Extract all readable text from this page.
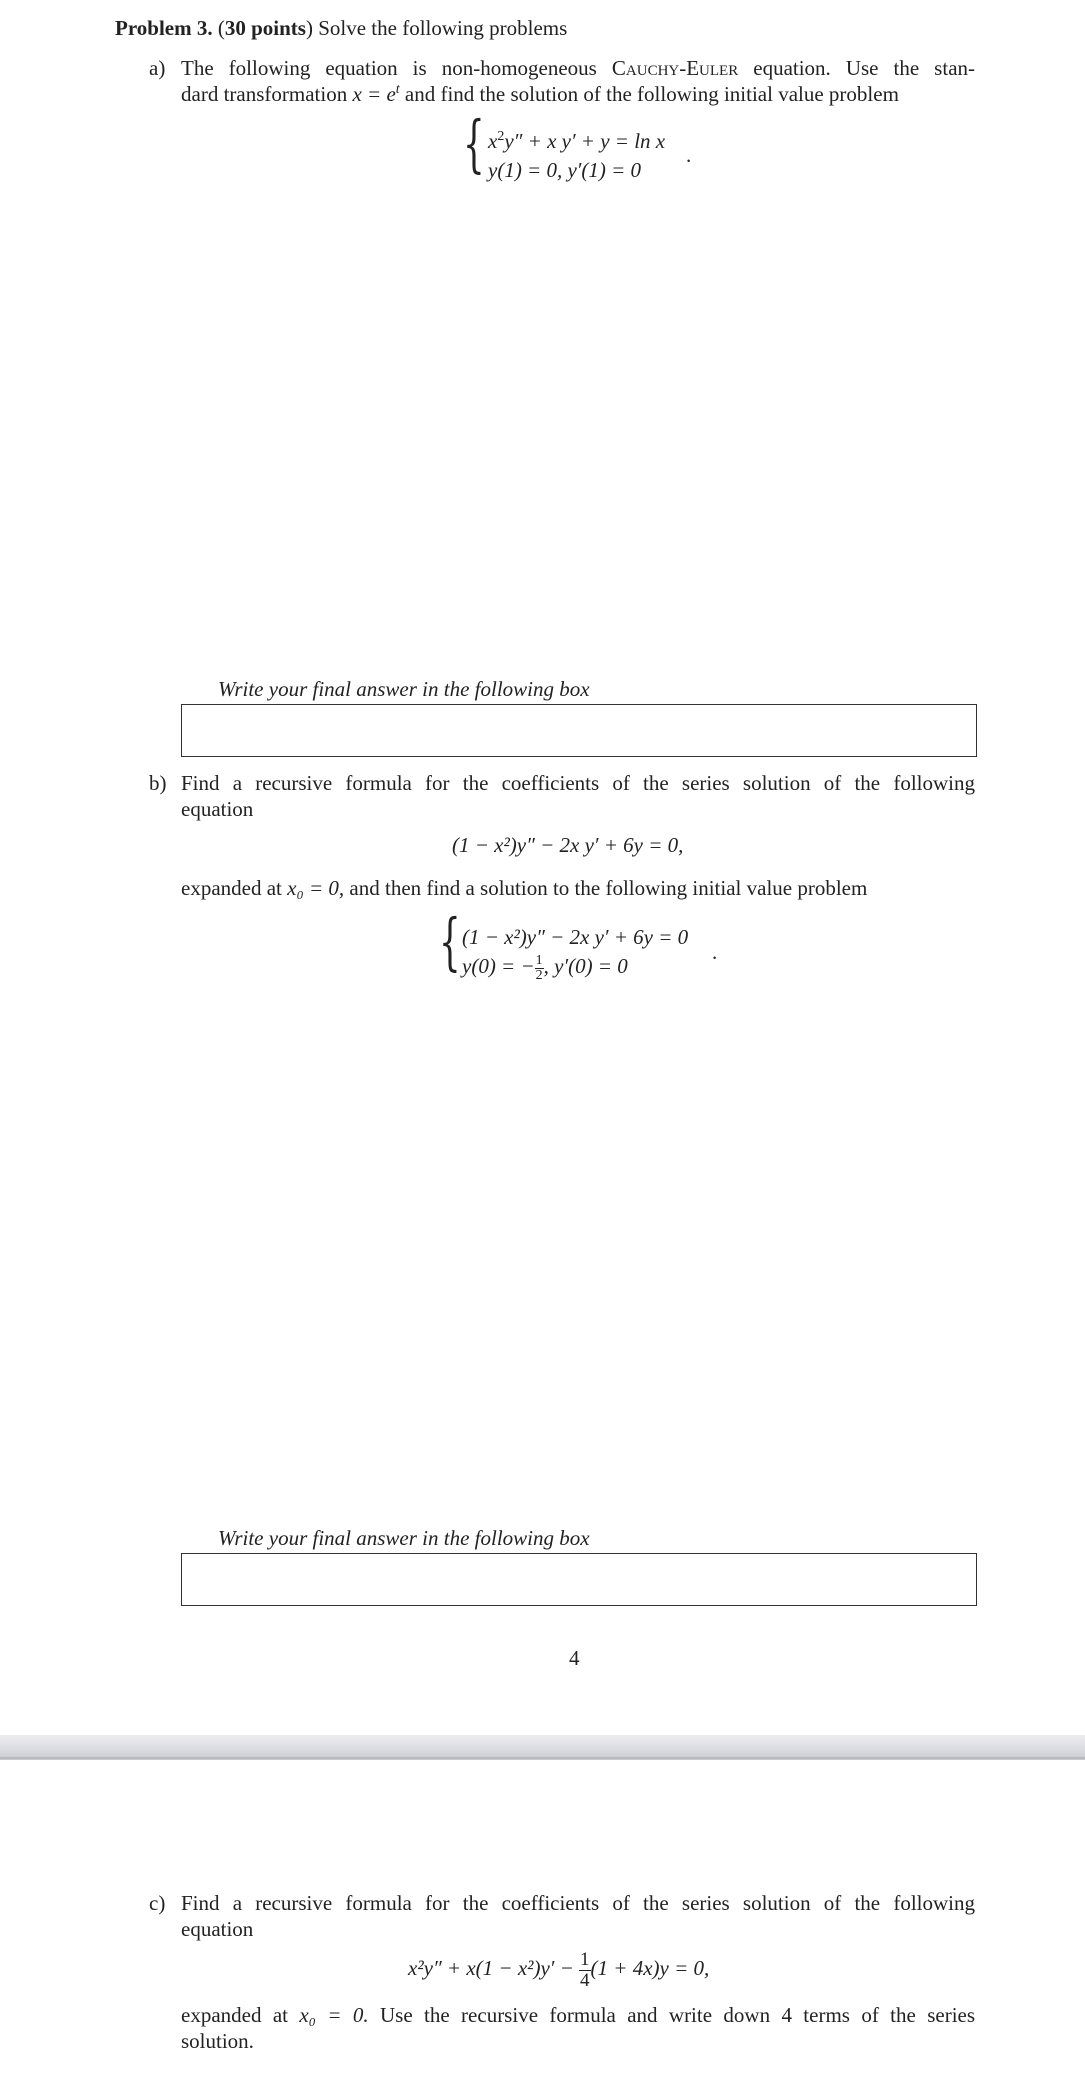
Problem 3. (30 points) Solve the following problems
a) The following equation is non-homogeneous Cauchy-Euler equation. Use the stan-
dard transformation $x = e^t$ and find the solution of the following initial value problem
{ $x^2y'' + x$ y′ + y = ln x
y(1) = 0, y′(1) = 0
.
Write your final answer in the following box
b) Find a recursive formula for the coefficients of the series solution of the following
equation
(1 − x²)y″ − 2x y′ + 6y = 0,
expanded at x₀ = 0, and then find a solution to the following initial value problem
{ (1 − x²)y″ − 2x y′ + 6y = 0
y(0) = − $\frac{1}{2}$ , y′(0) = 0
.
Write your final answer in the following box
4
c) Find a recursive formula for the coefficients of the series solution of the following
equation
$x^2y'' + x(1 - x^2)y' - \frac{1}{4} (1 + 4x)y = 0$,
expanded at x₀ = 0. Use the recursive formula and write down 4 terms of the series
solution.
